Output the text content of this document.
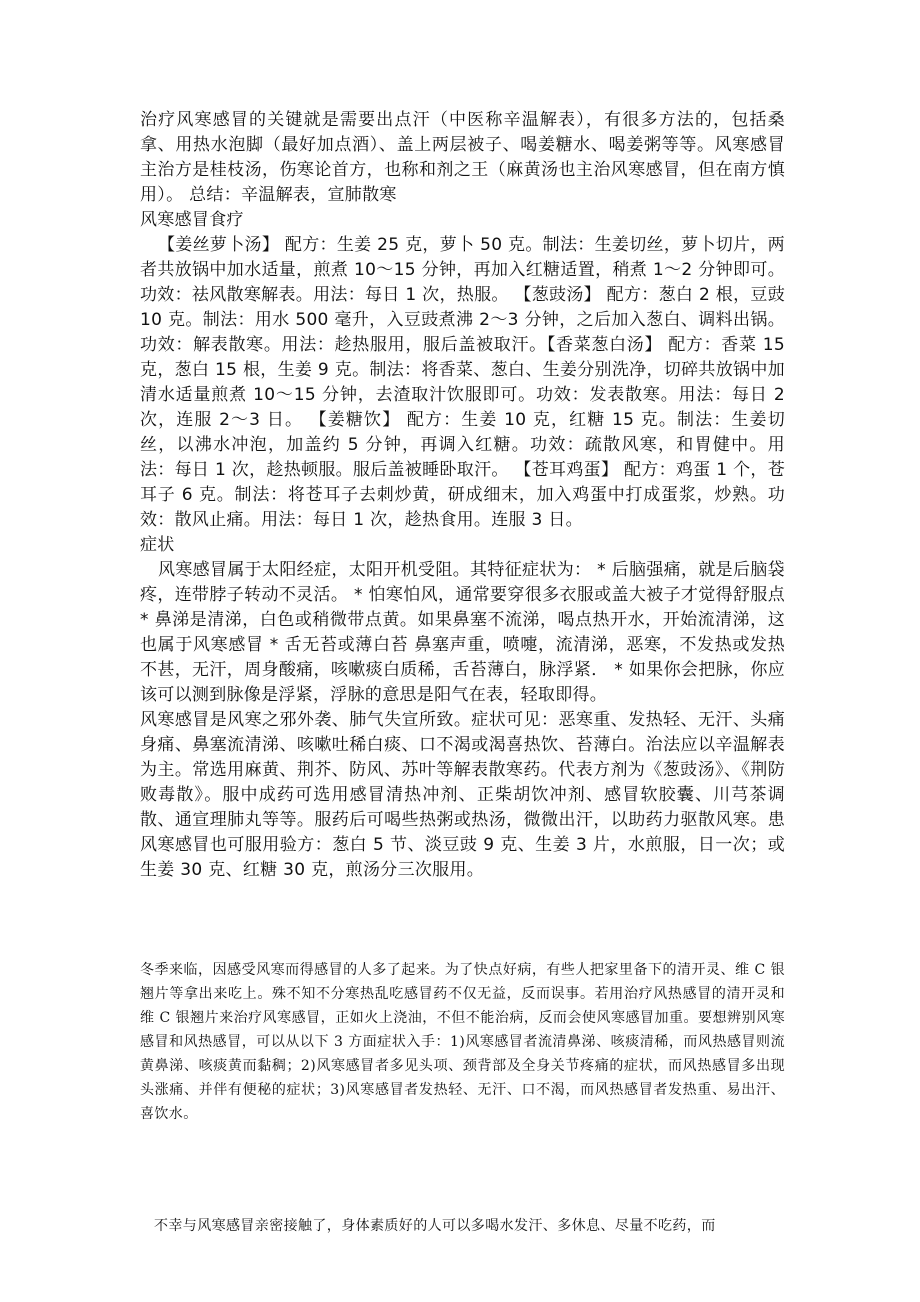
治疗风寒感冒的关键就是需要出点汗（中医称辛温解表），有很多方法的，包括桑拿、用热水泡脚（最好加点酒）、盖上两层被子、喝姜糖水、喝姜粥等等。风寒感冒主治方是桂枝汤，伤寒论首方，也称和剂之王（麻黄汤也主治风寒感冒，但在南方慎用）。 总结：辛温解表，宣肺散寒

风寒感冒食疗

【姜丝萝卜汤】 配方：生姜 25 克，萝卜 50 克。制法：生姜切丝，萝卜切片，两者共放锅中加水适量，煎煮 10～15 分钟，再加入红糖适置，稍煮 1～2 分钟即可。功效：祛风散寒解表。用法：每日 1 次，热服。 【葱豉汤】 配方：葱白 2 根，豆豉 10 克。制法：用水 500 毫升，入豆豉煮沸 2～3 分钟，之后加入葱白、调料出锅。功效：解表散寒。用法：趁热服用，服后盖被取汗。【香菜葱白汤】 配方：香菜 15 克，葱白 15 根，生姜 9 克。制法：将香菜、葱白、生姜分别洗净，切碎共放锅中加清水适量煎煮 10～15 分钟，去渣取汁饮服即可。功效：发表散寒。用法：每日 2 次，连服 2～3 日。 【姜糖饮】 配方：生姜 10 克，红糖 15 克。制法：生姜切丝，以沸水冲泡，加盖约 5 分钟，再调入红糖。功效：疏散风寒，和胃健中。用法：每日 1 次，趁热顿服。服后盖被睡卧取汗。 【苍耳鸡蛋】 配方：鸡蛋 1 个，苍耳子 6 克。制法：将苍耳子去刺炒黄，研成细末，加入鸡蛋中打成蛋浆，炒熟。功效：散风止痛。用法：每日 1 次，趁热食用。连服 3 日。

症状

风寒感冒属于太阳经症，太阳开机受阻。其特征症状为： * 后脑强痛，就是后脑袋疼，连带脖子转动不灵活。 * 怕寒怕风，通常要穿很多衣服或盖大被子才觉得舒服点 * 鼻涕是清涕，白色或稍微带点黄。如果鼻塞不流涕，喝点热开水，开始流清涕，这也属于风寒感冒 * 舌无苔或薄白苔 鼻塞声重，喷嚏，流清涕，恶寒，不发热或发热不甚，无汗，周身酸痛，咳嗽痰白质稀，舌苔薄白，脉浮紧． * 如果你会把脉，你应该可以测到脉像是浮紧，浮脉的意思是阳气在表，轻取即得。

风寒感冒是风寒之邪外袭、肺气失宣所致。症状可见：恶寒重、发热轻、无汗、头痛身痛、鼻塞流清涕、咳嗽吐稀白痰、口不渴或渴喜热饮、苔薄白。治法应以辛温解表为主。常选用麻黄、荆芥、防风、苏叶等解表散寒药。代表方剂为《葱豉汤》、《荆防败毒散》。服中成药可选用感冒清热冲剂、正柴胡饮冲剂、感冒软胶囊、川芎茶调散、通宣理肺丸等等。服药后可喝些热粥或热汤，微微出汗，以助药力驱散风寒。患风寒感冒也可服用验方：葱白 5 节、淡豆豉 9 克、生姜 3 片，水煎服，日一次；或生姜 30 克、红糖 30 克，煎汤分三次服用。

冬季来临，因感受风寒而得感冒的人多了起来。为了快点好病，有些人把家里备下的清开灵、维 C 银翘片等拿出来吃上。殊不知不分寒热乱吃感冒药不仅无益，反而误事。若用治疗风热感冒的清开灵和维 C 银翘片来治疗风寒感冒，正如火上浇油，不但不能治病，反而会使风寒感冒加重。要想辨别风寒感冒和风热感冒，可以从以下 3 方面症状入手：1)风寒感冒者流清鼻涕、咳痰清稀，而风热感冒则流黄鼻涕、咳痰黄而黏稠；2)风寒感冒者多见头项、颈背部及全身关节疼痛的症状，而风热感冒多出现头涨痛、并伴有便秘的症状；3)风寒感冒者发热轻、无汗、口不渴，而风热感冒者发热重、易出汗、喜饮水。

不幸与风寒感冒亲密接触了，身体素质好的人可以多喝水发汗、多休息、尽量不吃药，而
